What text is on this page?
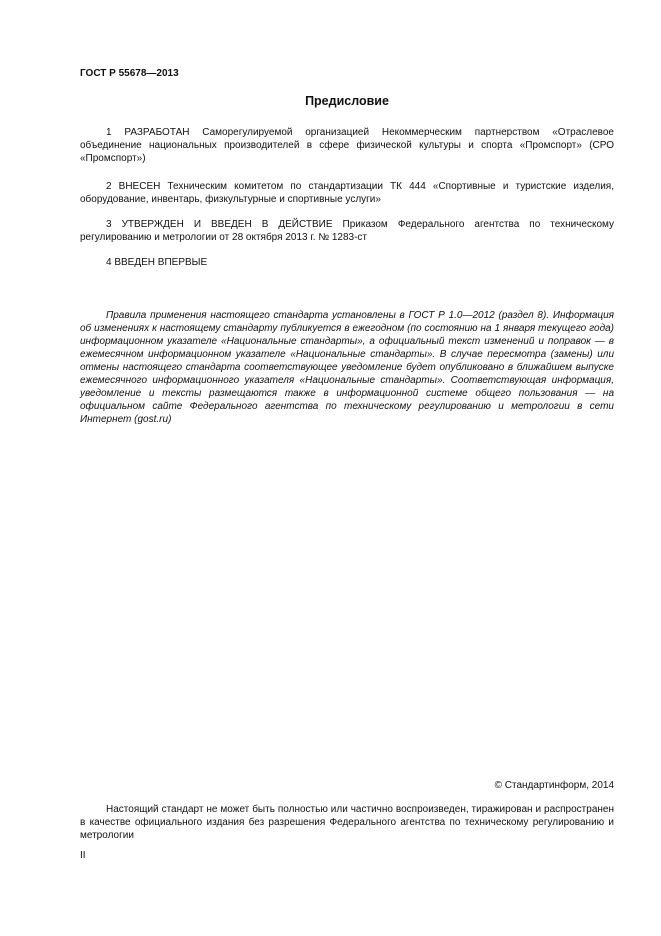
ГОСТ Р 55678—2013
Предисловие

1 РАЗРАБОТАН Саморегулируемой организацией Некоммерческим партнерством «Отраслевое объединение национальных производителей в сфере физической культуры и спорта «Промспорт» (СРО «Промспорт»)

2 ВНЕСЕН Техническим комитетом по стандартизации ТК 444 «Спортивные и туристские изделия, оборудование, инвентарь, физкультурные и спортивные услуги»

3 УТВЕРЖДЕН И ВВЕДЕН В ДЕЙСТВИЕ Приказом Федерального агентства по техническому регулированию и метрологии от 28 октября 2013 г. № 1283-ст

4 ВВЕДЕН ВПЕРВЫЕ

Правила применения настоящего стандарта установлены в ГОСТ Р 1.0—2012 (раздел 8). Информация об изменениях к настоящему стандарту публикуется в ежегодном (по состоянию на 1 января текущего года) информационном указателе «Национальные стандарты», а официальный текст изменений и поправок — в ежемесячном информационном указателе «Национальные стандарты». В случае пересмотра (замены) или отмены настоящего стандарта соответствующее уведомление будет опубликовано в ближайшем выпуске ежемесячного информационного указателя «Национальные стандарты». Соответствующая информация, уведомление и тексты размещаются также в информационной системе общего пользования — на официальном сайте Федерального агентства по техническому регулированию и метрологии в сети Интернет (gost.ru)

© Стандартинформ, 2014

Настоящий стандарт не может быть полностью или частично воспроизведен, тиражирован и распространен в качестве официального издания без разрешения Федерального агентства по техническому регулированию и метрологии

II
